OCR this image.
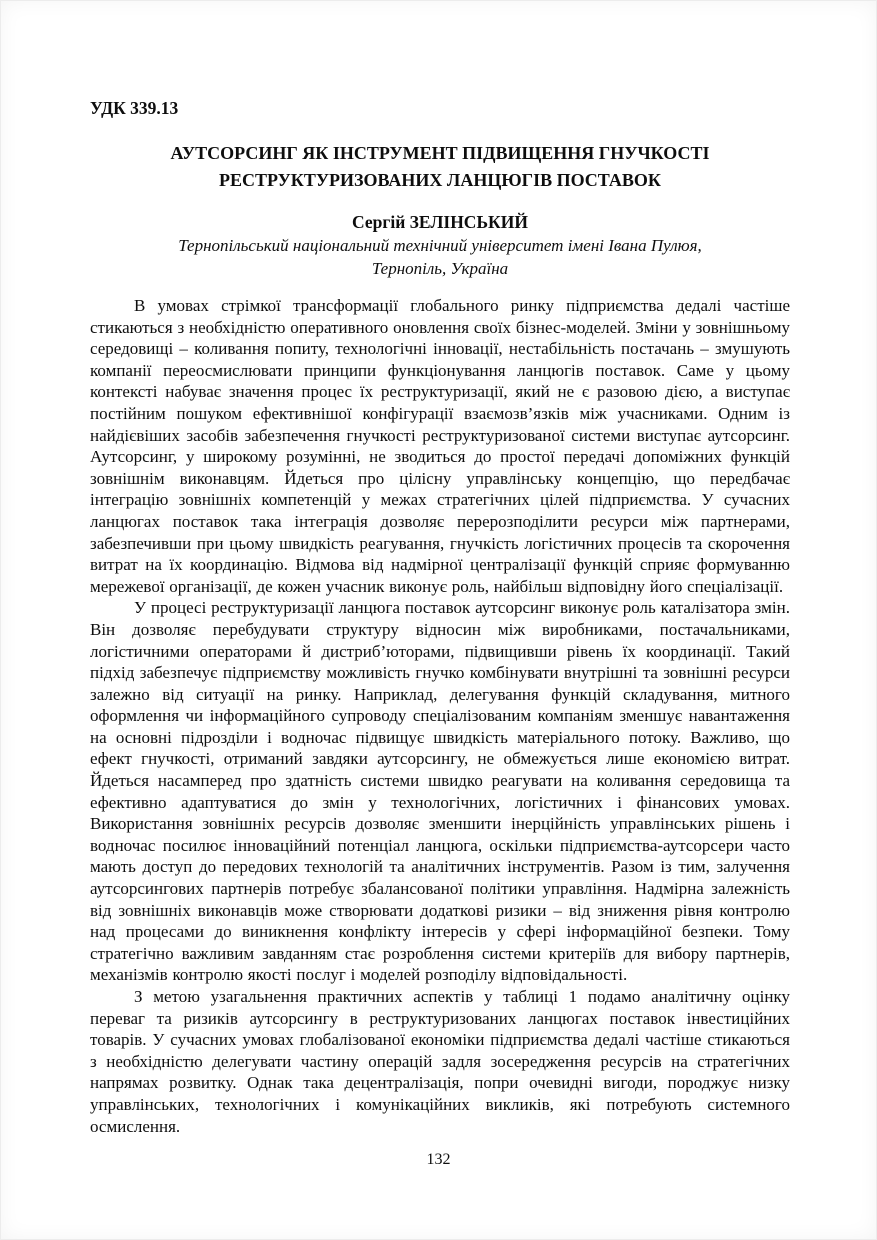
УДК 339.13
АУТСОРСИНГ ЯК ІНСТРУМЕНТ ПІДВИЩЕННЯ ГНУЧКОСТІ
РЕСТРУКТУРИЗОВАНИХ ЛАНЦЮГІВ ПОСТАВОК
Сергій ЗЕЛІНСЬКИЙ
Тернопільський національний технічний університет імені Івана Пулюя,
Тернопіль, Україна

В умовах стрімкої трансформації глобального ринку підприємства дедалі частіше стикаються з необхідністю оперативного оновлення своїх бізнес-моделей. Зміни у зовнішньому середовищі – коливання попиту, технологічні інновації, нестабільність постачань – змушують компанії переосмислювати принципи функціонування ланцюгів поставок. Саме у цьому контексті набуває значення процес їх реструктуризації, який не є разовою дією, а виступає постійним пошуком ефективнішої конфігурації взаємозв’язків між учасниками. Одним із найдієвіших засобів забезпечення гнучкості реструктуризованої системи виступає аутсорсинг. Аутсорсинг, у широкому розумінні, не зводиться до простої передачі допоміжних функцій зовнішнім виконавцям. Йдеться про цілісну управлінську концепцію, що передбачає інтеграцію зовнішніх компетенцій у межах стратегічних цілей підприємства. У сучасних ланцюгах поставок така інтеграція дозволяє перерозподілити ресурси між партнерами, забезпечивши при цьому швидкість реагування, гнучкість логістичних процесів та скорочення витрат на їх координацію. Відмова від надмірної централізації функцій сприяє формуванню мережевої організації, де кожен учасник виконує роль, найбільш відповідну його спеціалізації.

У процесі реструктуризації ланцюга поставок аутсорсинг виконує роль каталізатора змін. Він дозволяє перебудувати структуру відносин між виробниками, постачальниками, логістичними операторами й дистриб’юторами, підвищивши рівень їх координації. Такий підхід забезпечує підприємству можливість гнучко комбінувати внутрішні та зовнішні ресурси залежно від ситуації на ринку. Наприклад, делегування функцій складування, митного оформлення чи інформаційного супроводу спеціалізованим компаніям зменшує навантаження на основні підрозділи і водночас підвищує швидкість матеріального потоку. Важливо, що ефект гнучкості, отриманий завдяки аутсорсингу, не обмежується лише економією витрат. Йдеться насамперед про здатність системи швидко реагувати на коливання середовища та ефективно адаптуватися до змін у технологічних, логістичних і фінансових умовах. Використання зовнішніх ресурсів дозволяє зменшити інерційність управлінських рішень і водночас посилює інноваційний потенціал ланцюга, оскільки підприємства-аутсорсери часто мають доступ до передових технологій та аналітичних інструментів. Разом із тим, залучення аутсорсингових партнерів потребує збалансованої політики управління. Надмірна залежність від зовнішніх виконавців може створювати додаткові ризики – від зниження рівня контролю над процесами до виникнення конфлікту інтересів у сфері інформаційної безпеки. Тому стратегічно важливим завданням стає розроблення системи критеріїв для вибору партнерів, механізмів контролю якості послуг і моделей розподілу відповідальності.

З метою узагальнення практичних аспектів у таблиці 1 подамо аналітичну оцінку переваг та ризиків аутсорсингу в реструктуризованих ланцюгах поставок інвестиційних товарів. У сучасних умовах глобалізованої економіки підприємства дедалі частіше стикаються з необхідністю делегувати частину операцій задля зосередження ресурсів на стратегічних напрямах розвитку. Однак така децентралізація, попри очевидні вигоди, породжує низку управлінських, технологічних і комунікаційних викликів, які потребують системного осмислення.

132
